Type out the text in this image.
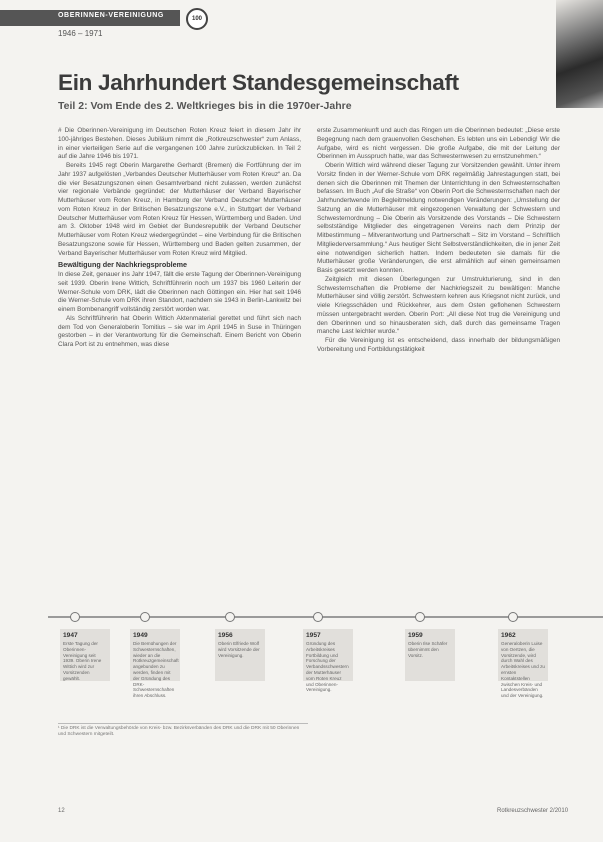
OBERINNEN-VEREINIGUNG	100
1946 – 1971
Ein Jahrhundert Standesgemeinschaft
Teil 2: Vom Ende des 2. Weltkrieges bis in die 1970er-Jahre

# Die Oberinnen-Vereinigung im Deutschen Roten Kreuz feiert in diesem Jahr ihr 100-jähriges Bestehen. Dieses Jubiläum nimmt die „Rotkreuzschwester“ zum Anlass, in einer vierteiligen Serie auf die vergangenen 100 Jahre zurückzublicken. In Teil 2 auf die Jahre 1946 bis 1971.

Bereits 1945 regt Oberin Margarethe Gerhardt (Bremen) die Fortführung der im Jahr 1937 aufgelösten „Verbandes Deutscher Mutterhäuser vom Roten Kreuz“ an. Da die vier Besatzungszonen einen Gesamtverband nicht zulassen, werden zunächst vier regionale Verbände gegründet: der Mutterhäuser der Verband Bayerischer Mutterhäuser vom Roten Kreuz, in Hamburg der Verband Deutscher Mutterhäuser vom Roten Kreuz in der Britischen Besatzungszone e.V., in Stuttgart der Verband Deutscher Mutterhäuser vom Roten Kreuz für Hessen, Württemberg und Baden. Und am 3. Oktober 1948 wird im Gebiet der Bundesrepublik der Verband Deutscher Mutterhäuser vom Roten Kreuz wiedergegründet – eine Verbindung für die Britischen Besatzungszone sowie für Hessen, Württemberg und Baden gelten zusammen, der Verband Bayerischer Mutterhäuser vom Roten Kreuz wird Mitglied.

Bewältigung der Nachkriegsprobleme

In diese Zeit, genauer ins Jahr 1947, fällt die erste Tagung der Oberinnen-Vereinigung seit 1939. Oberin Irene Wittich, Schriftführerin noch um 1937 bis 1960 Leiterin der Werner-Schule vom DRK, lädt die Oberinnen nach Göttingen ein. Hier hat seit 1946 die Werner-Schule vom DRK ihren Standort, nachdem sie 1943 in Berlin-Lankwitz bei einem Bombenangriff vollständig zerstört worden war.

Als Schriftführerin hat Oberin Wittich Aktenmaterial gerettet und führt sich nach dem Tod von Generaloberin Tomitius – sie war im April 1945 in Suse in Thüringen gestorben – in der Verantwortung für die Gemeinschaft. Einem Bericht von Oberin Clara Port ist zu entnehmen, was diese

erste Zusammenkunft und auch das Ringen um die Oberinnen bedeutet: „Diese erste Begegnung nach dem grauenvollen Geschehen. Es lebten uns ein Lebendig! Wir die Aufgabe, wird es nicht vergessen. Die große Aufgabe, die mit der Leitung der Oberinnen im Ausspruch hatte, war das Schwesternwesen zu ernstzunehmen.“

Oberin Wittich wird während dieser Tagung zur Vorsitzenden gewählt. Unter ihrem Vorsitz finden in der Werner-Schule vom DRK regelmäßig Jahrestagungen statt, bei denen sich die Oberinnen mit Themen der Unterrichtung in den Schwesternschaften befassen. Im Buch „Auf die Straße“ von Oberin Port die Schwesternschaften nach der Jahrhundertwende im Begleitmeldung notwendigen Veränderungen: „Umstellung der Satzung an die Mutterhäuser mit eingezogenen Verwaltung der Schwestern und Schwesternordnung – Die Oberin als Vorsitzende des Vorstands – Die Schwestern selbstständige Mitglieder des eingetragenen Vereins nach dem Prinzip der Mitbestimmung – Mitverantwortung und Partnerschaft – Sitz im Vorstand – Schriftlich Mitgliederversammlung.“ Aus heutiger Sicht Selbstverständlichkeiten, die in jener Zeit eine notwendigen sicherlich hatten. Indem bedeuteten sie damals für die Mutterhäuser große Veränderungen, die erst allmählich auf einen gemeinsamen Basis gesetzt werden konnten.

Zeitgleich mit diesen Überlegungen zur Umstrukturierung, sind in den Schwesternschaften die Probleme der Nachkriegszeit zu bewältigen: Manche Mutterhäuser sind völlig zerstört. Schwestern kehren aus Kriegsnot nicht zurück, und viele Kriegsschäden und Rückkehrer, aus dem Osten geflohenen Schwestern müssen untergebracht werden. Oberin Port: „All diese Not trug die Vereinigung und den Oberinnen und so hinausberaten sich, daß durch das gemeinsame Tragen manche Last leichter wurde.“

Für die Vereinigung ist es entscheidend, dass innerhalb der bildungsmäßigen Vorbereitung und Fortbildungstätigkeit

1947
Erste Tagung der Oberinnen-Vereinigung seit 1939. Oberin Irene Wittich wird zur Vorsitzenden gewählt.
1949
Die Bemühungen der Schwesternschaften, wieder an die Rotkreuzgemeinschaft angebunden zu werden, finden mit der Gründung des DRK-Schwesternschaften ihren Abschluss.
1956
Oberin Elfriede Wolf wird Vorsitzende der Vereinigung.
1957
Gründung des Arbeitskreises Fortbildung und Forschung der Verbandsschwestern der Mutterhäuser vom Roten Kreuz und Oberinnen-Vereinigung.
1959
Oberin Ilse Schäfer übernimmt den Vorsitz.
1962
Generaloberin Luise von Oertzen, die Vorsitzende, wird durch Wahl des Arbeitskreises und zu ernsten Kontaktstellen zwischen Kreis- und Landesverbänden und der Vereinigung.
¹ Die DRK ist die Verwaltungsbehörde von Kreis- bzw. Bezirksverbänden des DRK und die DRK mit 50 Oberinnen und Schwestern mitgeteilt.
12	Rotkreuzschwester 2/2010
